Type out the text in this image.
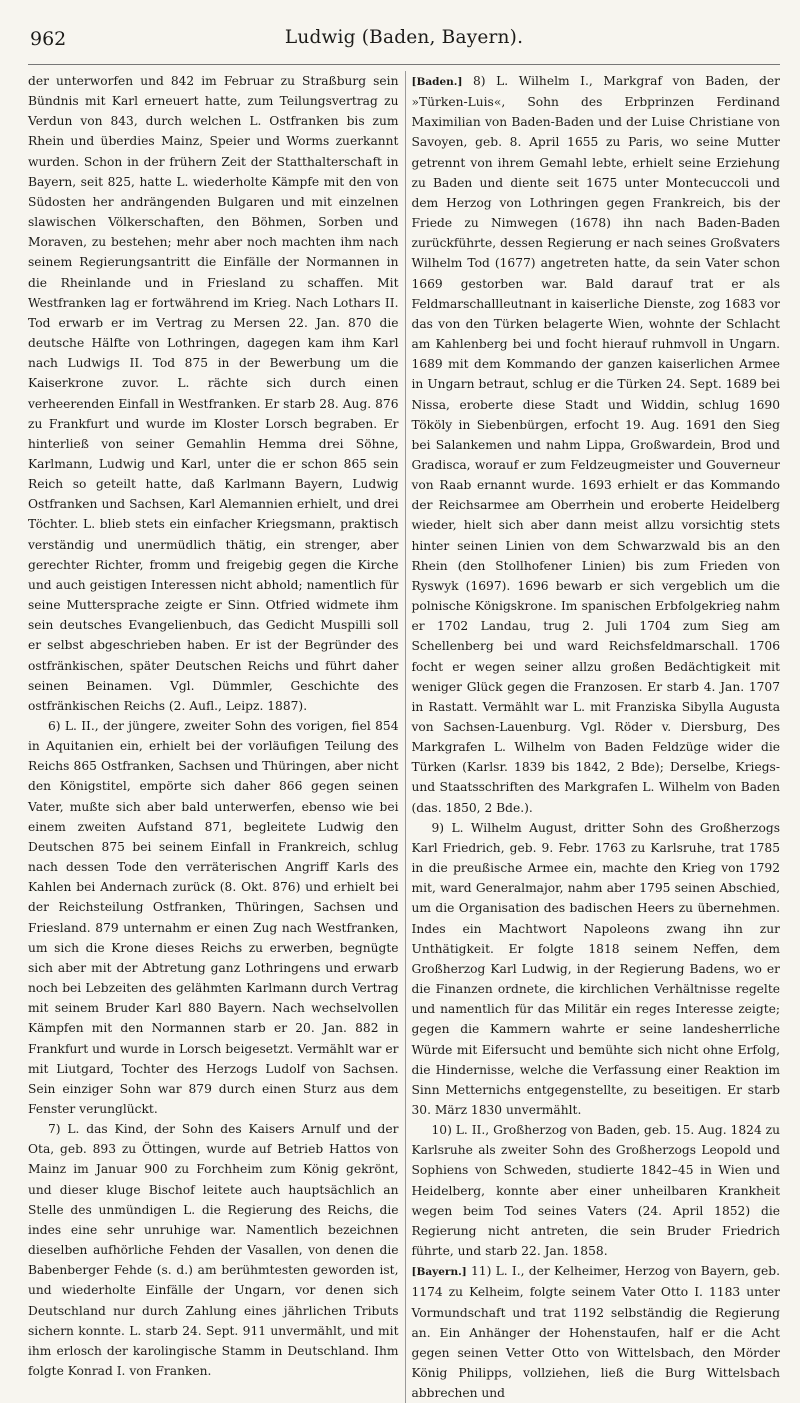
962	Ludwig (Baden, Bayern).

der unterworfen und 842 im Februar zu Straßburg sein Bündnis mit Karl erneuert hatte, zum Teilungsvertrag zu Verdun von 843, durch welchen L. Ostfranken bis zum Rhein und überdies Mainz, Speier und Worms zuerkannt wurden. Schon in der frühern Zeit der Statthalterschaft in Bayern, seit 825, hatte L. wiederholte Kämpfe mit den von Südosten her andrängenden Bulgaren und mit einzelnen slawischen Völkerschaften, den Böhmen, Sorben und Moraven, zu bestehen; mehr aber noch machten ihm nach seinem Regierungsantritt die Einfälle der Normannen in die Rheinlande und in Friesland zu schaffen. Mit Westfranken lag er fortwährend im Krieg. Nach Lothars II. Tod erwarb er im Vertrag zu Mersen 22. Jan. 870 die deutsche Hälfte von Lothringen, dagegen kam ihm Karl nach Ludwigs II. Tod 875 in der Bewerbung um die Kaiserkrone zuvor. L. rächte sich durch einen verheerenden Einfall in Westfranken. Er starb 28. Aug. 876 zu Frankfurt und wurde im Kloster Lorsch begraben. Er hinterließ von seiner Gemahlin Hemma drei Söhne, Karlmann, Ludwig und Karl, unter die er schon 865 sein Reich so geteilt hatte, daß Karlmann Bayern, Ludwig Ostfranken und Sachsen, Karl Alemannien erhielt, und drei Töchter. L. blieb stets ein einfacher Kriegsmann, praktisch verständig und unermüdlich thätig, ein strenger, aber gerechter Richter, fromm und freigebig gegen die Kirche und auch geistigen Interessen nicht abhold; namentlich für seine Muttersprache zeigte er Sinn. Otfried widmete ihm sein deutsches Evangelienbuch, das Gedicht Muspilli soll er selbst abgeschrieben haben. Er ist der Begründer des ostfränkischen, später Deutschen Reichs und führt daher seinen Beinamen. Vgl. Dümmler, Geschichte des ostfränkischen Reichs (2. Aufl., Leipz. 1887).

6) L. II., der jüngere, zweiter Sohn des vorigen, fiel 854 in Aquitanien ein, erhielt bei der vorläufigen Teilung des Reichs 865 Ostfranken, Sachsen und Thüringen, aber nicht den Königstitel, empörte sich daher 866 gegen seinen Vater, mußte sich aber bald unterwerfen, ebenso wie bei einem zweiten Aufstand 871, begleitete Ludwig den Deutschen 875 bei seinem Einfall in Frankreich, schlug nach dessen Tode den verräterischen Angriff Karls des Kahlen bei Andernach zurück (8. Okt. 876) und erhielt bei der Reichsteilung Ostfranken, Thüringen, Sachsen und Friesland. 879 unternahm er einen Zug nach Westfranken, um sich die Krone dieses Reichs zu erwerben, begnügte sich aber mit der Abtretung ganz Lothringens und erwarb noch bei Lebzeiten des gelähmten Karlmann durch Vertrag mit seinem Bruder Karl 880 Bayern. Nach wechselvollen Kämpfen mit den Normannen starb er 20. Jan. 882 in Frankfurt und wurde in Lorsch beigesetzt. Vermählt war er mit Liutgard, Tochter des Herzogs Ludolf von Sachsen. Sein einziger Sohn war 879 durch einen Sturz aus dem Fenster verunglückt.

7) L. das Kind, der Sohn des Kaisers Arnulf und der Ota, geb. 893 zu Öttingen, wurde auf Betrieb Hattos von Mainz im Januar 900 zu Forchheim zum König gekrönt, und dieser kluge Bischof leitete auch hauptsächlich an Stelle des unmündigen L. die Regierung des Reichs, die indes eine sehr unruhige war. Namentlich bezeichnen dieselben aufhörliche Fehden der Vasallen, von denen die Babenberger Fehde (s. d.) am berühmtesten geworden ist, und wiederholte Einfälle der Ungarn, vor denen sich Deutschland nur durch Zahlung eines jährlichen Tributs sichern konnte. L. starb 24. Sept. 911 unvermählt, und mit ihm erlosch der karolingische Stamm in Deutschland. Ihm folgte Konrad I. von Franken.

[Baden.] 8) L. Wilhelm I., Markgraf von Baden, der »Türken-Luis«, Sohn des Erbprinzen Ferdinand Maximilian von Baden-Baden und der Luise Christiane von Savoyen, geb. 8. April 1655 zu Paris, wo seine Mutter getrennt von ihrem Gemahl lebte, erhielt seine Erziehung zu Baden und diente seit 1675 unter Montecuccoli und dem Herzog von Lothringen gegen Frankreich, bis der Friede zu Nimwegen (1678) ihn nach Baden-Baden zurückführte, dessen Regierung er nach seines Großvaters Wilhelm Tod (1677) angetreten hatte, da sein Vater schon 1669 gestorben war. Bald darauf trat er als Feldmarschallleutnant in kaiserliche Dienste, zog 1683 vor das von den Türken belagerte Wien, wohnte der Schlacht am Kahlenberg bei und focht hierauf ruhmvoll in Ungarn. 1689 mit dem Kommando der ganzen kaiserlichen Armee in Ungarn betraut, schlug er die Türken 24. Sept. 1689 bei Nissa, eroberte diese Stadt und Widdin, schlug 1690 Tököly in Siebenbürgen, erfocht 19. Aug. 1691 den Sieg bei Salankemen und nahm Lippa, Großwardein, Brod und Gradisca, worauf er zum Feldzeugmeister und Gouverneur von Raab ernannt wurde. 1693 erhielt er das Kommando der Reichsarmee am Oberrhein und eroberte Heidelberg wieder, hielt sich aber dann meist allzu vorsichtig stets hinter seinen Linien von dem Schwarzwald bis an den Rhein (den Stollhofener Linien) bis zum Frieden von Ryswyk (1697). 1696 bewarb er sich vergeblich um die polnische Königskrone. Im spanischen Erbfolgekrieg nahm er 1702 Landau, trug 2. Juli 1704 zum Sieg am Schellenberg bei und ward Reichsfeldmarschall. 1706 focht er wegen seiner allzu großen Bedächtigkeit mit weniger Glück gegen die Franzosen. Er starb 4. Jan. 1707 in Rastatt. Vermählt war L. mit Franziska Sibylla Augusta von Sachsen-Lauenburg. Vgl. Röder v. Diersburg, Des Markgrafen L. Wilhelm von Baden Feldzüge wider die Türken (Karlsr. 1839 bis 1842, 2 Bde); Derselbe, Kriegs- und Staatsschriften des Markgrafen L. Wilhelm von Baden (das. 1850, 2 Bde.).

9) L. Wilhelm August, dritter Sohn des Großherzogs Karl Friedrich, geb. 9. Febr. 1763 zu Karlsruhe, trat 1785 in die preußische Armee ein, machte den Krieg von 1792 mit, ward Generalmajor, nahm aber 1795 seinen Abschied, um die Organisation des badischen Heers zu übernehmen. Indes ein Machtwort Napoleons zwang ihn zur Unthätigkeit. Er folgte 1818 seinem Neffen, dem Großherzog Karl Ludwig, in der Regierung Badens, wo er die Finanzen ordnete, die kirchlichen Verhältnisse regelte und namentlich für das Militär ein reges Interesse zeigte; gegen die Kammern wahrte er seine landesherrliche Würde mit Eifersucht und bemühte sich nicht ohne Erfolg, die Hindernisse, welche die Verfassung einer Reaktion im Sinn Metternichs entgegenstellte, zu beseitigen. Er starb 30. März 1830 unvermählt.

10) L. II., Großherzog von Baden, geb. 15. Aug. 1824 zu Karlsruhe als zweiter Sohn des Großherzogs Leopold und Sophiens von Schweden, studierte 1842–45 in Wien und Heidelberg, konnte aber einer unheilbaren Krankheit wegen beim Tod seines Vaters (24. April 1852) die Regierung nicht antreten, die sein Bruder Friedrich führte, und starb 22. Jan. 1858.

[Bayern.] 11) L. I., der Kelheimer, Herzog von Bayern, geb. 1174 zu Kelheim, folgte seinem Vater Otto I. 1183 unter Vormundschaft und trat 1192 selbständig die Regierung an. Ein Anhänger der Hohenstaufen, half er die Acht gegen seinen Vetter Otto von Wittelsbach, den Mörder König Philipps, vollziehen, ließ die Burg Wittelsbach abbrechen und
